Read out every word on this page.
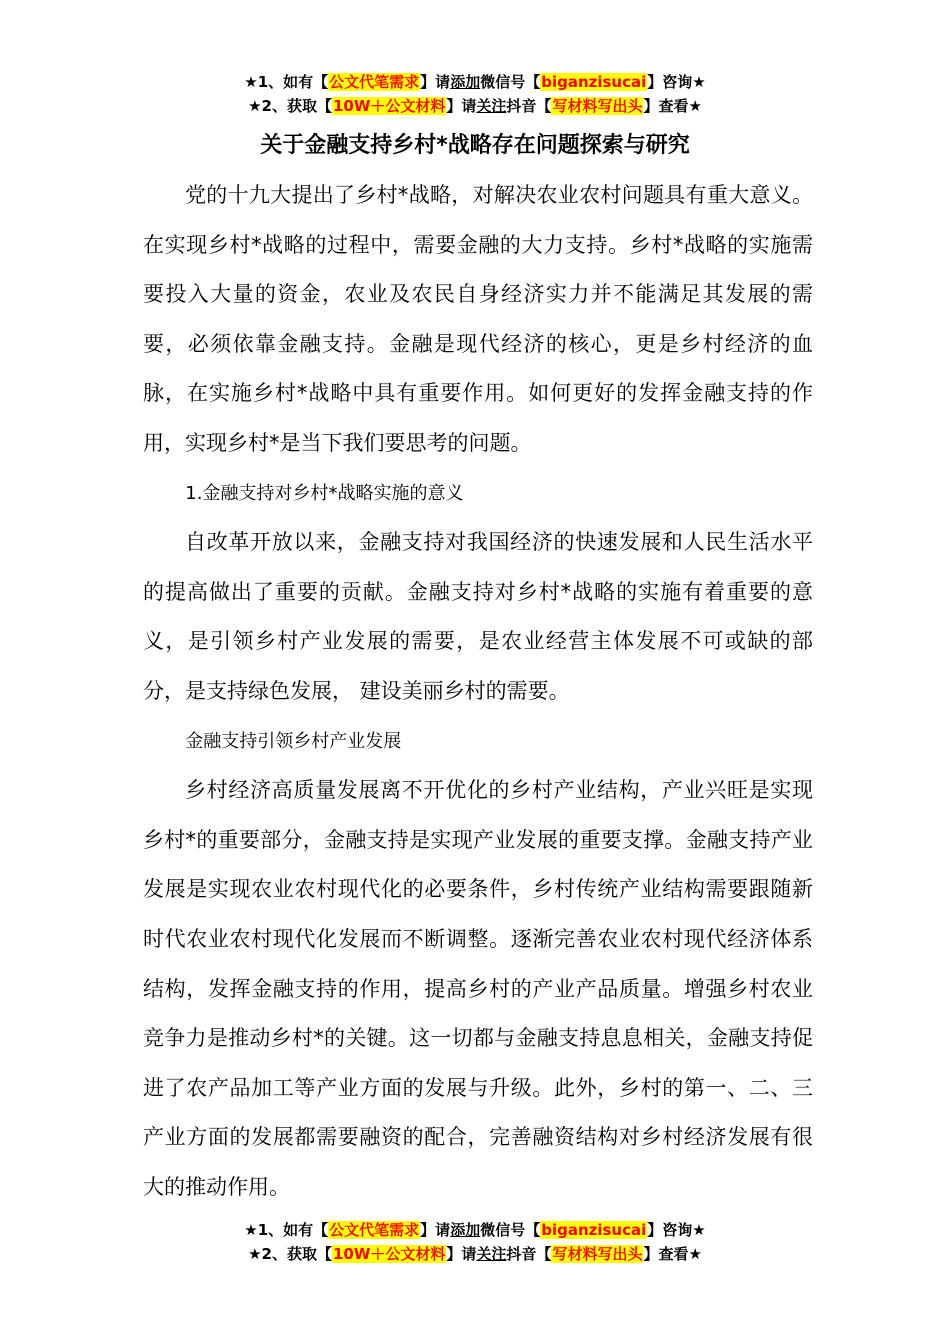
★1、如有【公文代笔需求】请添加微信号【biganzisucai】咨询★
★2、获取【10W＋公文材料】请关注抖音【写材料写出头】查看★
关于金融支持乡村*战略存在问题探索与研究

党的十九大提出了乡村*战略，对解决农业农村问题具有重大意义。在实现乡村*战略的过程中，需要金融的大力支持。乡村*战略的实施需要投入大量的资金，农业及农民自身经济实力并不能满足其发展的需要，必须依靠金融支持。金融是现代经济的核心，更是乡村经济的血脉，在实施乡村*战略中具有重要作用。如何更好的发挥金融支持的作用，实现乡村*是当下我们要思考的问题。

1.金融支持对乡村*战略实施的意义

自改革开放以来，金融支持对我国经济的快速发展和人民生活水平的提高做出了重要的贡献。金融支持对乡村*战略的实施有着重要的意义，是引领乡村产业发展的需要，是农业经营主体发展不可或缺的部分，是支持绿色发展， 建设美丽乡村的需要。

金融支持引领乡村产业发展

乡村经济高质量发展离不开优化的乡村产业结构，产业兴旺是实现乡村*的重要部分，金融支持是实现产业发展的重要支撑。金融支持产业发展是实现农业农村现代化的必要条件，乡村传统产业结构需要跟随新时代农业农村现代化发展而不断调整。逐渐完善农业农村现代经济体系结构，发挥金融支持的作用，提高乡村的产业产品质量。增强乡村农业竞争力是推动乡村*的关键。这一切都与金融支持息息相关，金融支持促进了农产品加工等产业方面的发展与升级。此外，乡村的第一、二、三产业方面的发展都需要融资的配合，完善融资结构对乡村经济发展有很大的推动作用。

★1、如有【公文代笔需求】请添加微信号【biganzisucai】咨询★
★2、获取【10W＋公文材料】请关注抖音【写材料写出头】查看★
